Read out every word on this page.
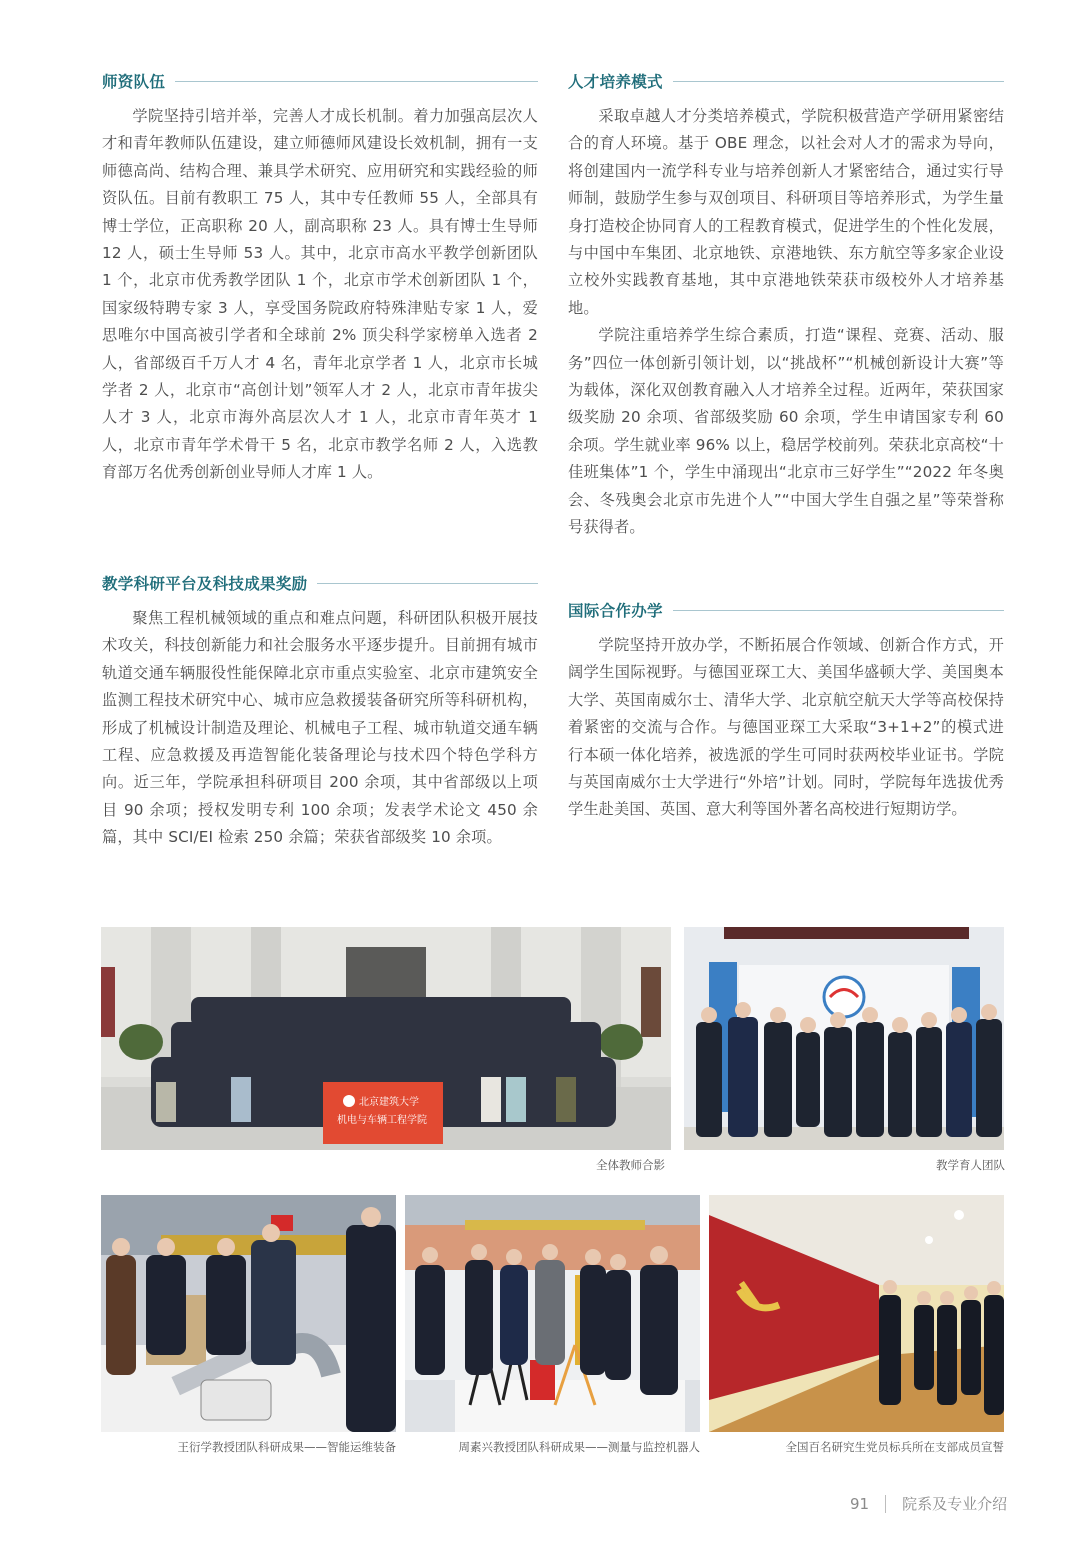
师资队伍

学院坚持引培并举，完善人才成长机制。着力加强高层次人才和青年教师队伍建设，建立师德师风建设长效机制，拥有一支师德高尚、结构合理、兼具学术研究、应用研究和实践经验的师资队伍。目前有教职工 75 人，其中专任教师 55 人，全部具有博士学位，正高职称 20 人，副高职称 23 人。具有博士生导师 12 人，硕士生导师 53 人。其中，北京市高水平教学创新团队 1 个，北京市优秀教学团队 1 个，北京市学术创新团队 1 个，国家级特聘专家 3 人，享受国务院政府特殊津贴专家 1 人，爱思唯尔中国高被引学者和全球前 2% 顶尖科学家榜单入选者 2 人，省部级百千万人才 4 名，青年北京学者 1 人，北京市长城学者 2 人，北京市“高创计划”领军人才 2 人，北京市青年拔尖人才 3 人，北京市海外高层次人才 1 人，北京市青年英才 1 人，北京市青年学术骨干 5 名，北京市教学名师 2 人，入选教育部万名优秀创新创业导师人才库 1 人。

教学科研平台及科技成果奖励

聚焦工程机械领域的重点和难点问题，科研团队积极开展技术攻关，科技创新能力和社会服务水平逐步提升。目前拥有城市轨道交通车辆服役性能保障北京市重点实验室、北京市建筑安全监测工程技术研究中心、城市应急救援装备研究所等科研机构，形成了机械设计制造及理论、机械电子工程、城市轨道交通车辆工程、应急救援及再造智能化装备理论与技术四个特色学科方向。近三年，学院承担科研项目 200 余项，其中省部级以上项目 90 余项；授权发明专利 100 余项；发表学术论文 450 余篇，其中 SCI/EI 检索 250 余篇；荣获省部级奖 10 余项。

人才培养模式

采取卓越人才分类培养模式，学院积极营造产学研用紧密结合的育人环境。基于 OBE 理念，以社会对人才的需求为导向，将创建国内一流学科专业与培养创新人才紧密结合，通过实行导师制，鼓励学生参与双创项目、科研项目等培养形式，为学生量身打造校企协同育人的工程教育模式，促进学生的个性化发展，与中国中车集团、北京地铁、京港地铁、东方航空等多家企业设立校外实践教育基地，其中京港地铁荣获市级校外人才培养基地。

学院注重培养学生综合素质，打造“课程、竞赛、活动、服务”四位一体创新引领计划，以“挑战杯”“机械创新设计大赛”等为载体，深化双创教育融入人才培养全过程。近两年，荣获国家级奖励 20 余项、省部级奖励 60 余项，学生申请国家专利 60 余项。学生就业率 96% 以上，稳居学校前列。荣获北京高校“十佳班集体”1 个，学生中涌现出“北京市三好学生”“2022 年冬奥会、冬残奥会北京市先进个人”“中国大学生自强之星”等荣誉称号获得者。

国际合作办学

学院坚持开放办学，不断拓展合作领域、创新合作方式，开阔学生国际视野。与德国亚琛工大、美国华盛顿大学、美国奥本大学、英国南威尔士、清华大学、北京航空航天大学等高校保持着紧密的交流与合作。与德国亚琛工大采取“3+1+2”的模式进行本硕一体化培养，被选派的学生可同时获两校毕业证书。学院与英国南威尔士大学进行“外培”计划。同时，学院每年选拔优秀学生赴美国、英国、意大利等国外著名高校进行短期访学。

北京建筑大学
机电与车辆工程学院
全体教师合影	教学育人团队
王衍学教授团队科研成果——智能运维装备	周素兴教授团队科研成果——测量与监控机器人	全国百名研究生党员标兵所在支部成员宣誓
91 院系及专业介绍
